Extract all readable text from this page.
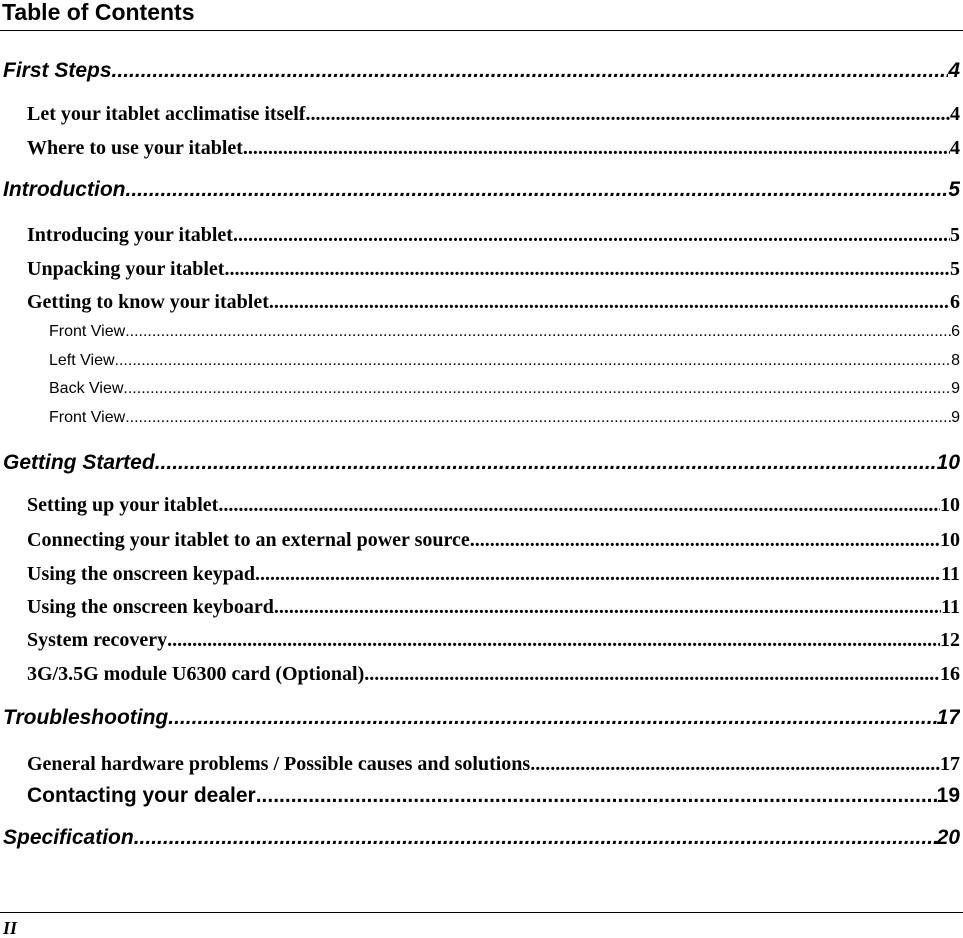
Table of Contents
First Steps .....	4
Let your itablet acclimatise itself .....	4
Where to use your itablet .....	4
Introduction .....	5
Introducing your itablet .....	5
Unpacking your itablet .....	5
Getting to know your itablet .....	6
Front View .....	6
Left View .....	8
Back View .....	9
Front View .....	9
Getting Started .....	10
Setting up your itablet .....	10
Connecting your itablet to an external power source .....	10
Using the onscreen keypad .....	11
Using the onscreen keyboard .....	11
System recovery .....	12
3G/3.5G module U6300 card (Optional) .....	16
Troubleshooting .....	17
General hardware problems / Possible causes and solutions .....	17
Contacting your dealer .....	19
Specification .....	20
II
